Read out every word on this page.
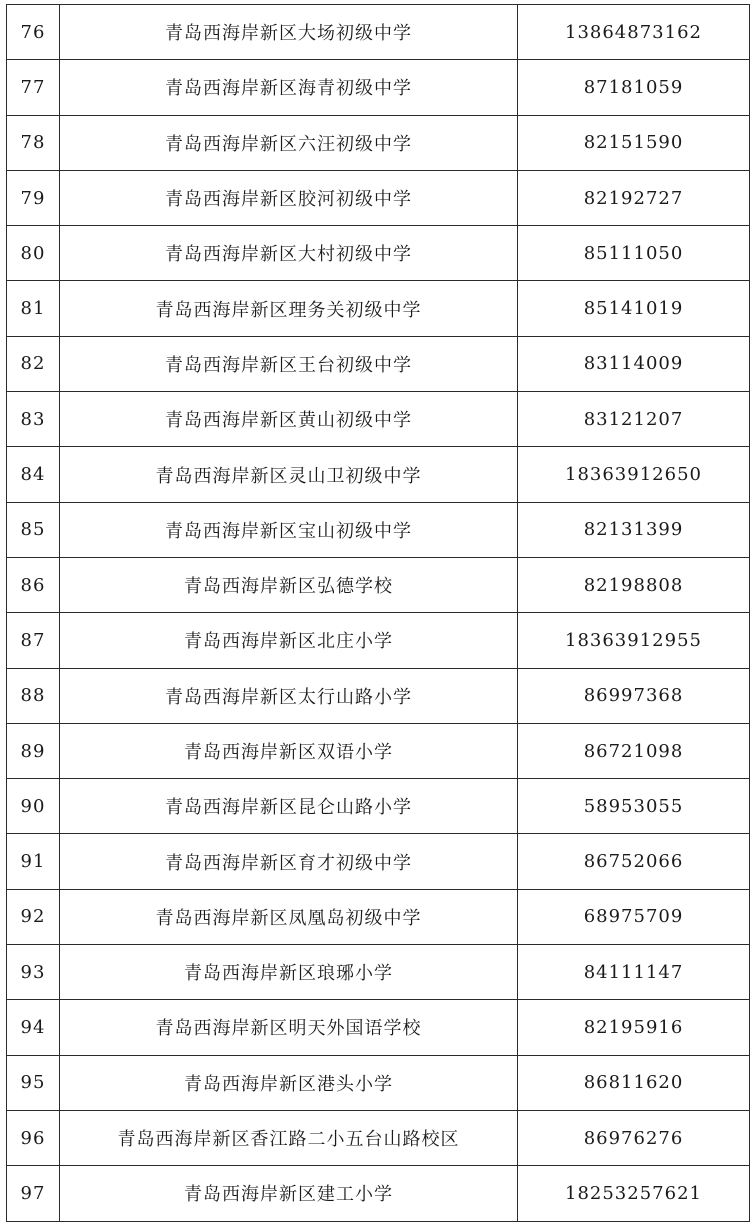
76	青岛西海岸新区大场初级中学	13864873162
77	青岛西海岸新区海青初级中学	87181059
78	青岛西海岸新区六汪初级中学	82151590
79	青岛西海岸新区胶河初级中学	82192727
80	青岛西海岸新区大村初级中学	85111050
81	青岛西海岸新区理务关初级中学	85141019
82	青岛西海岸新区王台初级中学	83114009
83	青岛西海岸新区黄山初级中学	83121207
84	青岛西海岸新区灵山卫初级中学	18363912650
85	青岛西海岸新区宝山初级中学	82131399
86	青岛西海岸新区弘德学校	82198808
87	青岛西海岸新区北庄小学	18363912955
88	青岛西海岸新区太行山路小学	86997368
89	青岛西海岸新区双语小学	86721098
90	青岛西海岸新区昆仑山路小学	58953055
91	青岛西海岸新区育才初级中学	86752066
92	青岛西海岸新区凤凰岛初级中学	68975709
93	青岛西海岸新区琅琊小学	84111147
94	青岛西海岸新区明天外国语学校	82195916
95	青岛西海岸新区港头小学	86811620
96	青岛西海岸新区香江路二小五台山路校区	86976276
97	青岛西海岸新区建工小学	18253257621
